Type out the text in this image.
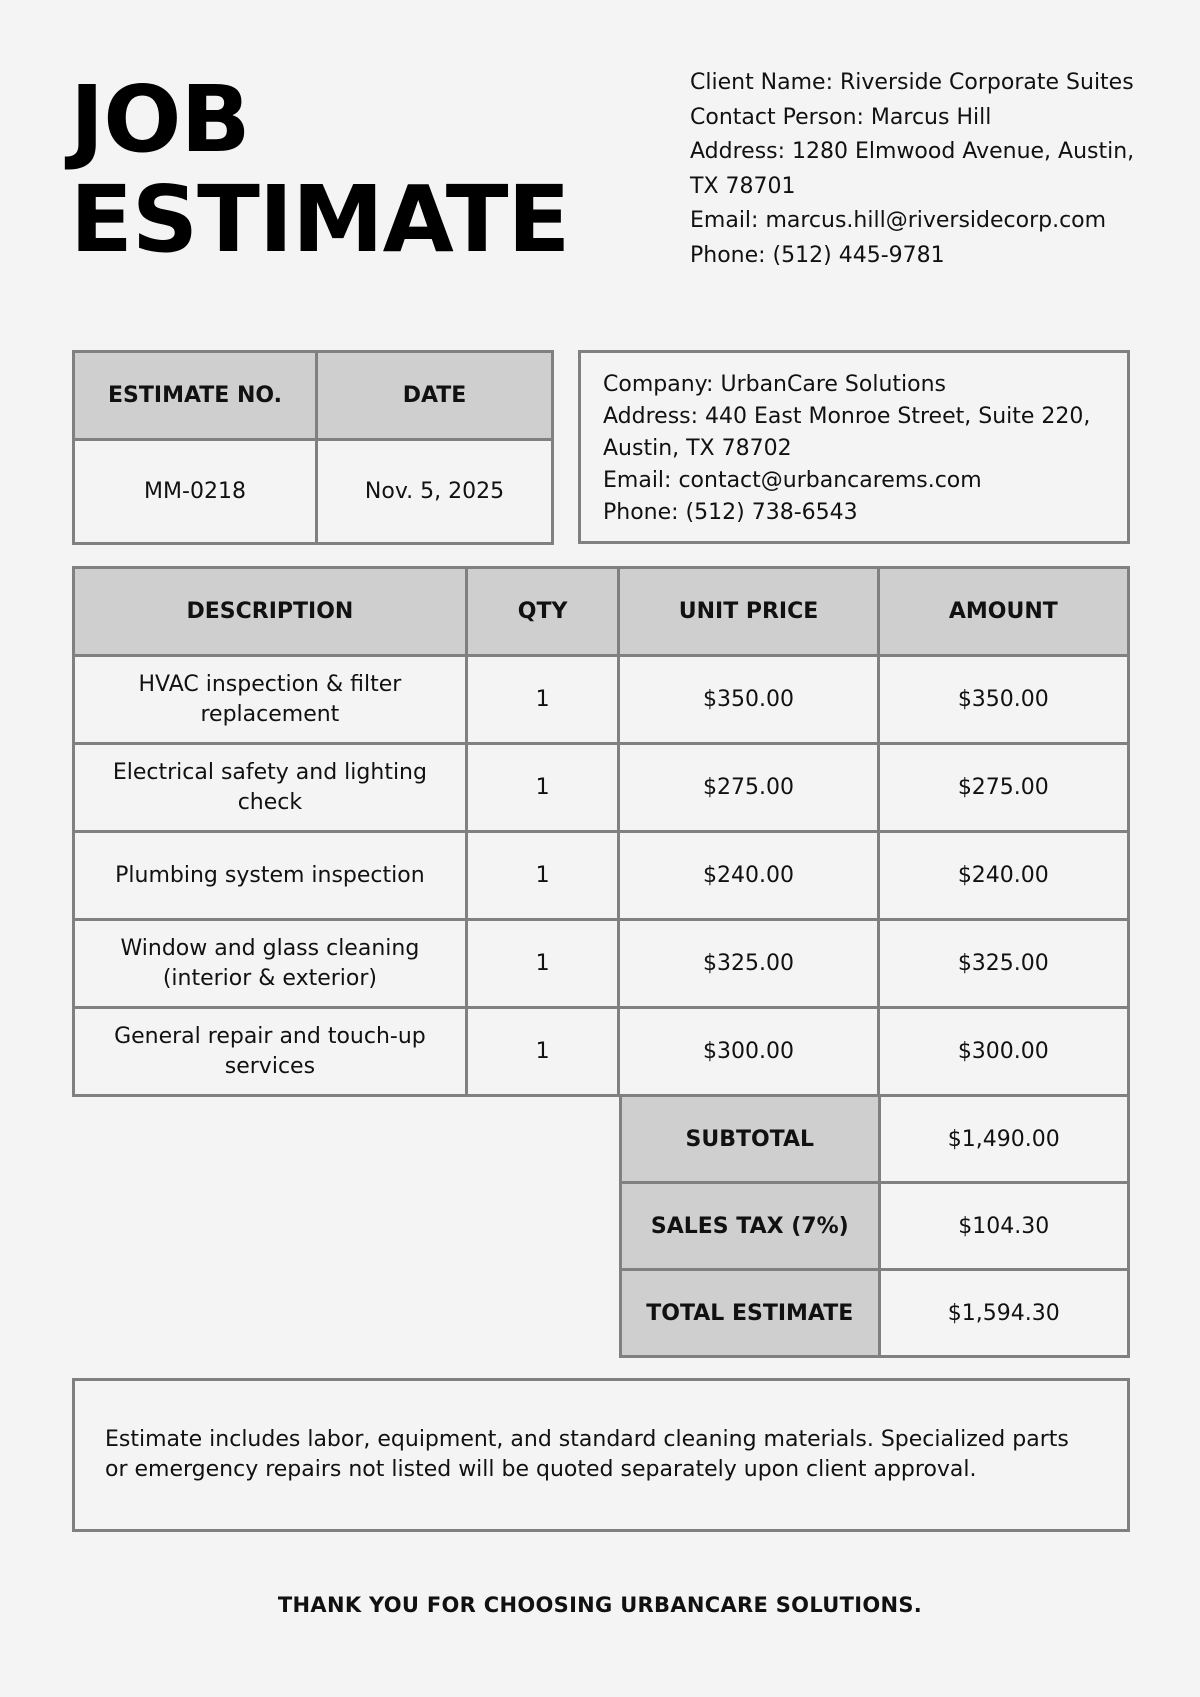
JOB
ESTIMATE
Client Name: Riverside Corporate Suites
Contact Person: Marcus Hill
Address: 1280 Elmwood Avenue, Austin,
TX 78701
Email: marcus.hill@riversidecorp.com
Phone: (512) 445-9781
ESTIMATE NO.	DATE
MM-0218	Nov. 5, 2025
Company: UrbanCare Solutions
Address: 440 East Monroe Street, Suite 220,
Austin, TX 78702
Email: contact@urbancarems.com
Phone: (512) 738-6543
DESCRIPTION	QTY	UNIT PRICE	AMOUNT
HVAC inspection & filter replacement	1	$350.00	$350.00
Electrical safety and lighting check	1	$275.00	$275.00
Plumbing system inspection	1	$240.00	$240.00
Window and glass cleaning (interior & exterior)	1	$325.00	$325.00
General repair and touch-up services	1	$300.00	$300.00
SUBTOTAL	$1,490.00
SALES TAX (7%)	$104.30
TOTAL ESTIMATE	$1,594.30

Estimate includes labor, equipment, and standard cleaning materials. Specialized parts or emergency repairs not listed will be quoted separately upon client approval.

THANK YOU FOR CHOOSING URBANCARE SOLUTIONS.
